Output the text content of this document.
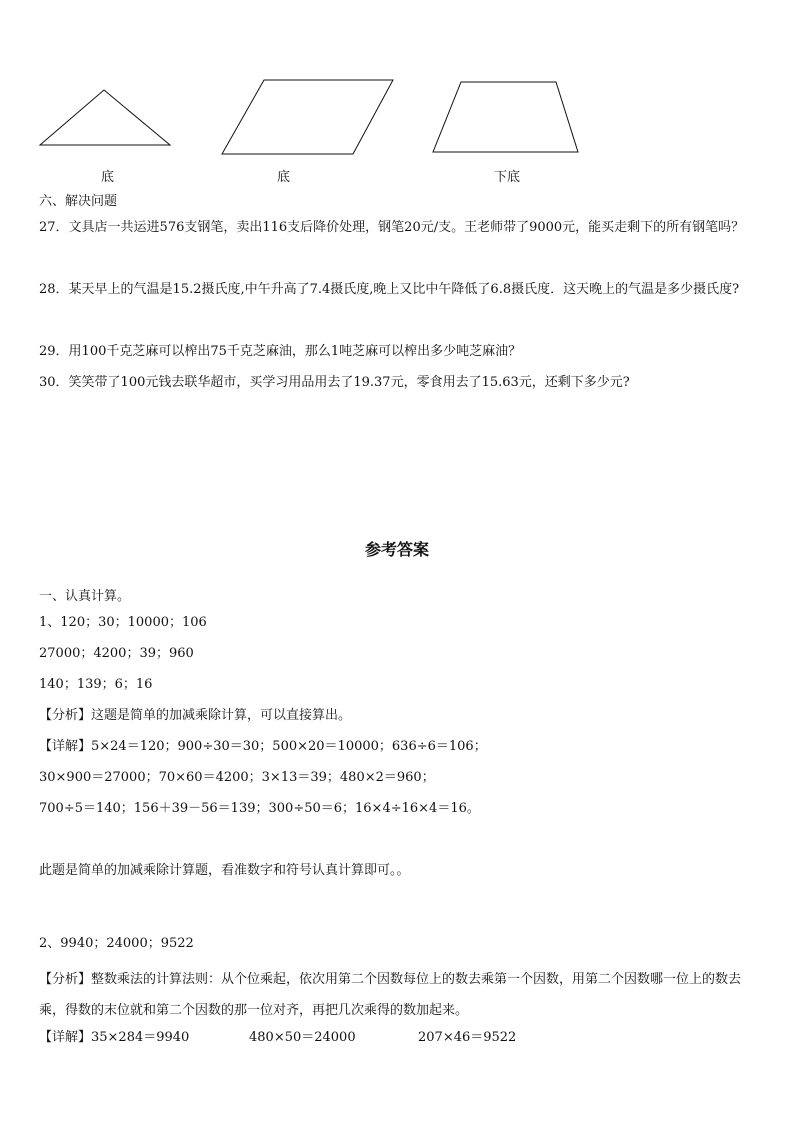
底	底	下底
六、解决问题
27．文具店一共运进576支钢笔，卖出116支后降价处理，钢笔20元/支。王老师带了9000元，能买走剩下的所有钢笔吗？
28．某天早上的气温是15.2摄氏度,中午升高了7.4摄氏度,晚上又比中午降低了6.8摄氏度．这天晚上的气温是多少摄氏度?
29．用100千克芝麻可以榨出75千克芝麻油，那么1吨芝麻可以榨出多少吨芝麻油？
30．笑笑带了100元钱去联华超市，买学习用品用去了19.37元，零食用去了15.63元，还剩下多少元?
参考答案
一、认真计算。
1、120；30；10000；106
27000；4200；39；960
140；139；6；16
【分析】这题是简单的加减乘除计算，可以直接算出。
【详解】5×24＝120；900÷30＝30；500×20＝10000；636÷6＝106；
30×900＝27000；70×60＝4200；3×13＝39；480×2＝960；
700÷5＝140；156＋39－56＝139；300÷50＝6；16×4÷16×4＝16。
此题是简单的加减乘除计算题，看准数字和符号认真计算即可。。
2、9940；24000；9522
【分析】整数乘法的计算法则：从个位乘起，依次用第二个因数每位上的数去乘第一个因数，用第二个因数哪一位上的数去乘，得数的末位就和第二个因数的那一位对齐，再把几次乘得的数加起来。
【详解】35×284＝9940	480×50＝24000	207×46＝9522
